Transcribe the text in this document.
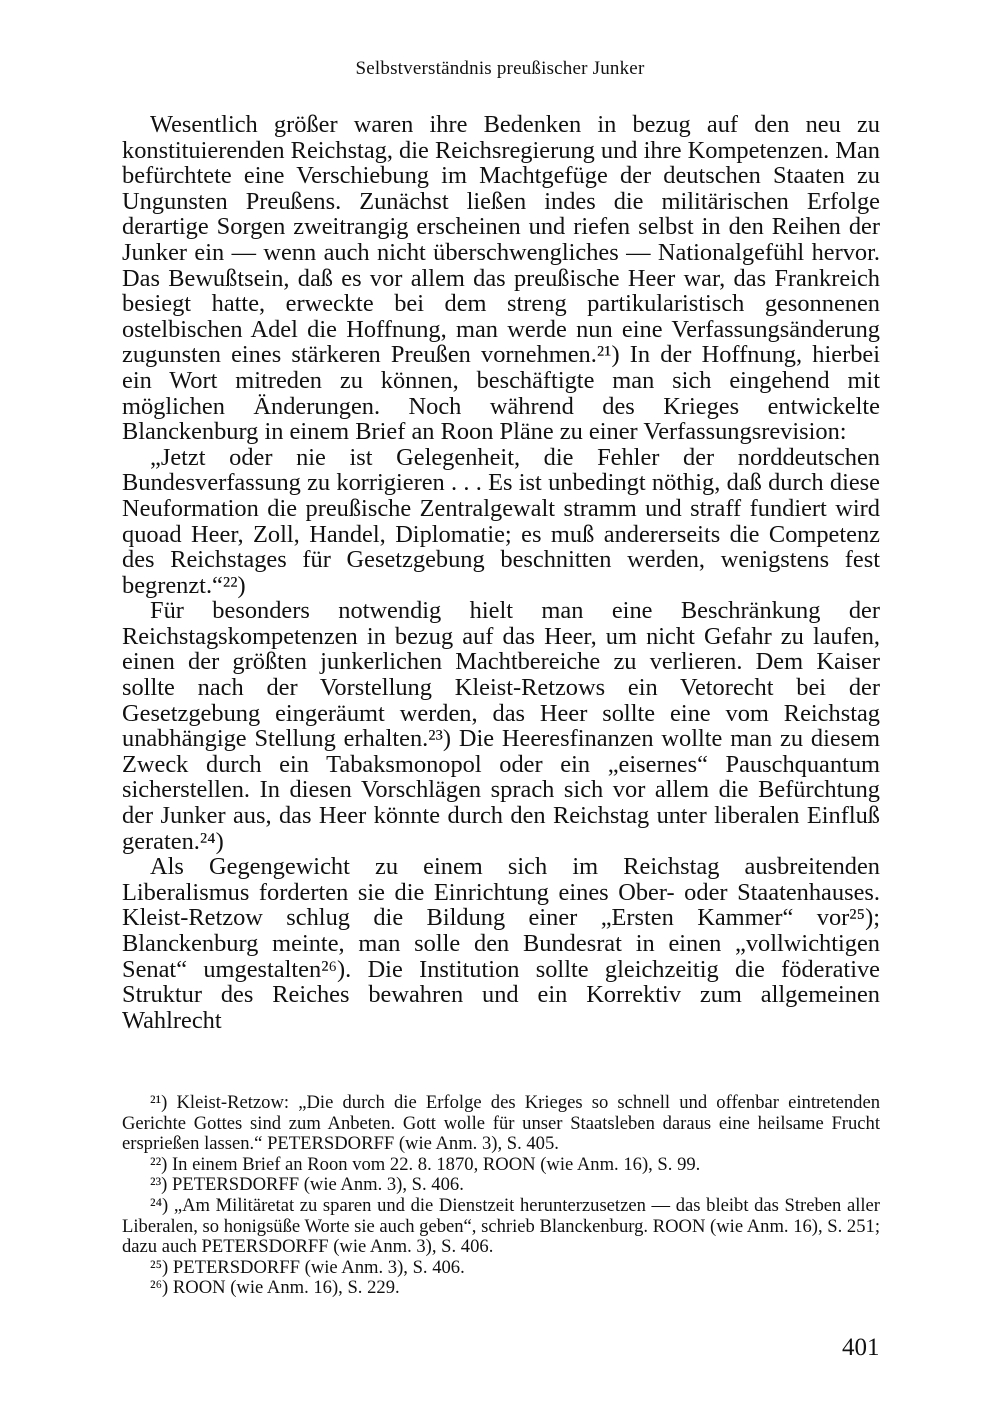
Selbstverständnis preußischer Junker

Wesentlich größer waren ihre Bedenken in bezug auf den neu zu konstituierenden Reichstag, die Reichsregierung und ihre Kompetenzen. Man befürchtete eine Verschiebung im Machtgefüge der deutschen Staaten zu Ungunsten Preußens. Zunächst ließen indes die militärischen Erfolge derartige Sorgen zweitrangig erscheinen und riefen selbst in den Reihen der Junker ein — wenn auch nicht überschwengliches — Nationalgefühl hervor. Das Bewußtsein, daß es vor allem das preußische Heer war, das Frankreich besiegt hatte, erweckte bei dem streng partikularistisch gesonnenen ostelbischen Adel die Hoffnung, man werde nun eine Verfassungsänderung zugunsten eines stärkeren Preußen vornehmen.²¹) In der Hoffnung, hierbei ein Wort mitreden zu können, beschäftigte man sich eingehend mit möglichen Änderungen. Noch während des Krieges entwickelte Blanckenburg in einem Brief an Roon Pläne zu einer Verfassungsrevision:

„Jetzt oder nie ist Gelegenheit, die Fehler der norddeutschen Bundesverfassung zu korrigieren . . . Es ist unbedingt nöthig, daß durch diese Neuformation die preußische Zentralgewalt stramm und straff fundiert wird quoad Heer, Zoll, Handel, Diplomatie; es muß andererseits die Competenz des Reichstages für Gesetzgebung beschnitten werden, wenigstens fest begrenzt.“²²)

Für besonders notwendig hielt man eine Beschränkung der Reichstagskompetenzen in bezug auf das Heer, um nicht Gefahr zu laufen, einen der größten junkerlichen Machtbereiche zu verlieren. Dem Kaiser sollte nach der Vorstellung Kleist-Retzows ein Vetorecht bei der Gesetzgebung eingeräumt werden, das Heer sollte eine vom Reichstag unabhängige Stellung erhalten.²³) Die Heeresfinanzen wollte man zu diesem Zweck durch ein Tabaksmonopol oder ein „eisernes“ Pauschquantum sicherstellen. In diesen Vorschlägen sprach sich vor allem die Befürchtung der Junker aus, das Heer könnte durch den Reichstag unter liberalen Einfluß geraten.²⁴)

Als Gegengewicht zu einem sich im Reichstag ausbreitenden Liberalismus forderten sie die Einrichtung eines Ober- oder Staatenhauses. Kleist-Retzow schlug die Bildung einer „Ersten Kammer“ vor²⁵); Blanckenburg meinte, man solle den Bundesrat in einen „vollwichtigen Senat“ umgestalten²⁶). Die Institution sollte gleichzeitig die föderative Struktur des Reiches bewahren und ein Korrektiv zum allgemeinen Wahlrecht

²¹) Kleist-Retzow: „Die durch die Erfolge des Krieges so schnell und offenbar eintretenden Gerichte Gottes sind zum Anbeten. Gott wolle für unser Staatsleben daraus eine heilsame Frucht ersprießen lassen.“ PETERSDORFF (wie Anm. 3), S. 405.

²²) In einem Brief an Roon vom 22. 8. 1870, ROON (wie Anm. 16), S. 99.

²³) PETERSDORFF (wie Anm. 3), S. 406.

²⁴) „Am Militäretat zu sparen und die Dienstzeit herunterzusetzen — das bleibt das Streben aller Liberalen, so honigsüße Worte sie auch geben“, schrieb Blanckenburg. ROON (wie Anm. 16), S. 251; dazu auch PETERSDORFF (wie Anm. 3), S. 406.

²⁵) PETERSDORFF (wie Anm. 3), S. 406.

²⁶) ROON (wie Anm. 16), S. 229.

401
